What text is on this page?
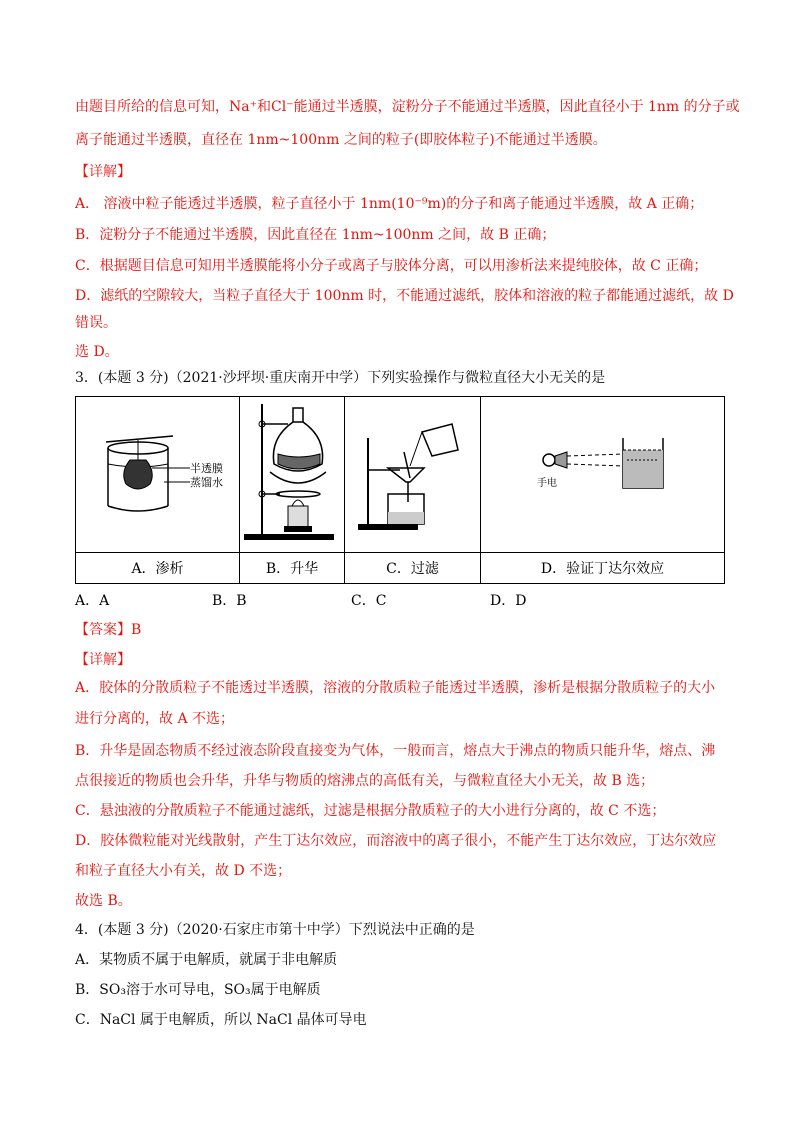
由题目所给的信息可知，Na⁺和Cl⁻能通过半透膜，淀粉分子不能通过半透膜，因此直径小于 1nm 的分子或
离子能通过半透膜，直径在 1nm~100nm 之间的粒子(即胶体粒子)不能通过半透膜。
【详解】
A． 溶液中粒子能透过半透膜，粒子直径小于 1nm(10⁻⁹m)的分子和离子能通过半透膜，故 A 正确；
B．淀粉分子不能通过半透膜，因此直径在 1nm~100nm 之间，故 B 正确；
C．根据题目信息可知用半透膜能将小分子或离子与胶体分离，可以用渗析法来提纯胶体，故 C 正确；
D．滤纸的空隙较大，当粒子直径大于 100nm 时，不能通过滤纸，胶体和溶液的粒子都能通过滤纸，故 D
错误。
选 D。
3．(本题 3 分)（2021·沙坪坝·重庆南开中学）下列实验操作与微粒直径大小无关的是
半透膜
蒸馏水			手电

A．渗析	B．升华	C．过滤	D．验证丁达尔效应
A．A	B．B	C．C	D．D
【答案】B
【详解】
A．胶体的分散质粒子不能透过半透膜，溶液的分散质粒子能透过半透膜，渗析是根据分散质粒子的大小
进行分离的，故 A 不选；
B．升华是固态物质不经过液态阶段直接变为气体，一般而言，熔点大于沸点的物质只能升华，熔点、沸
点很接近的物质也会升华，升华与物质的熔沸点的高低有关，与微粒直径大小无关，故 B 选；
C．悬浊液的分散质粒子不能通过滤纸，过滤是根据分散质粒子的大小进行分离的，故 C 不选；
D．胶体微粒能对光线散射，产生丁达尔效应，而溶液中的离子很小，不能产生丁达尔效应，丁达尔效应
和粒子直径大小有关，故 D 不选；
故选 B。
4．(本题 3 分)（2020·石家庄市第十中学）下烈说法中正确的是
A．某物质不属于电解质，就属于非电解质
B．SO₃溶于水可导电，SO₃属于电解质
C．NaCl 属于电解质，所以 NaCl 晶体可导电
